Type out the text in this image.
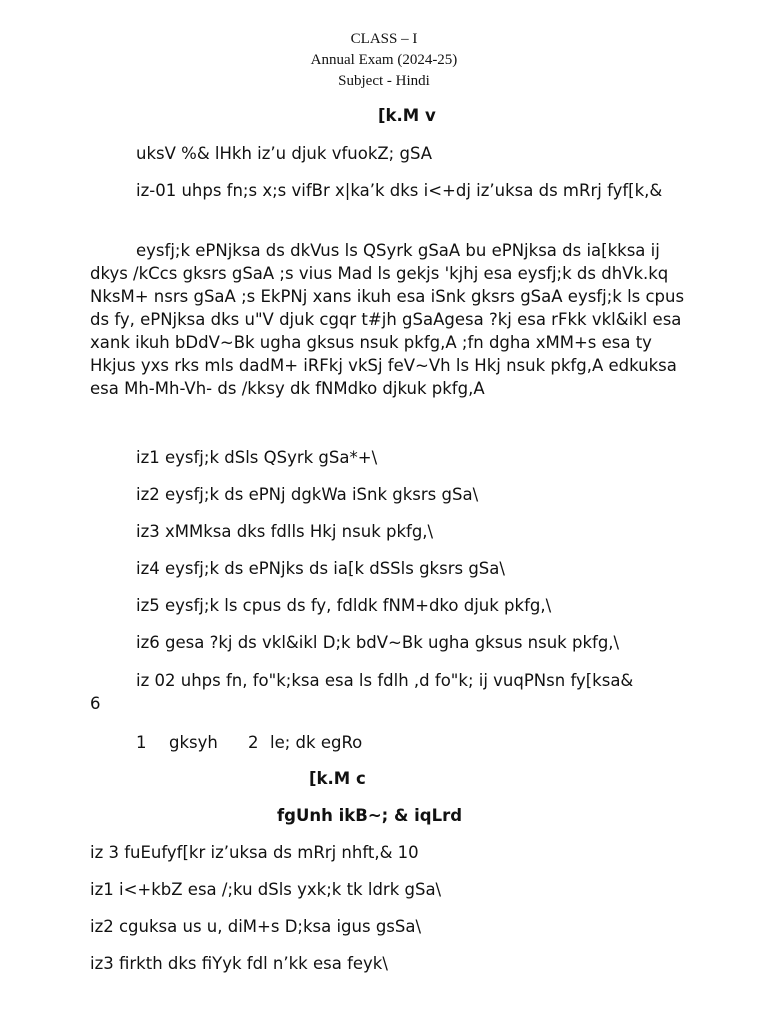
CLASS – I
Annual Exam (2024-25)
Subject - Hindi
[k.M v
uksV %& lHkh iz’u djuk vfuokZ; gSA
iz-01 uhps fn;s x;s vifBr x|ka’k dks i<+dj iz’uksa ds mRrj fyf[k,&
eysfj;k ePNjksa ds dkVus ls QSyrk gSaA bu ePNjksa ds ia[kksa ij dkys /kCcs gksrs gSaA ;s vius Mad ls gekjs 'kjhj esa eysfj;k ds dhVk.kq NksM+ nsrs gSaA ;s EkPNj xans ikuh esa iSnk gksrs gSaA eysfj;k ls cpus ds fy, ePNjksa dks u"V djuk cgqr t#jh gSaAgesa ?kj esa rFkk vkl&ikl esa xank ikuh bDdV~Bk ugha gksus nsuk pkfg,A ;fn dgha xMM+s esa ty Hkjus yxs rks mls dadM+ iRFkj vkSj feV~Vh ls Hkj nsuk pkfg,A edkuksa esa Mh-Mh-Vh- ds /kksy dk fNMdko djkuk pkfg,A
iz1 eysfj;k dSls QSyrk gSa*+\
iz2 eysfj;k ds ePNj dgkWa iSnk gksrs gSa\
iz3 xMMksa dks fdlls Hkj nsuk pkfg,\
iz4 eysfj;k ds ePNjks ds ia[k dSSls gksrs gSa\
iz5 eysfj;k ls cpus ds fy, fdldk fNM+dko djuk pkfg,\
iz6 gesa ?kj ds vkl&ikl D;k bdV~Bk ugha gksus nsuk pkfg,\
iz 02 uhps fn, fo"k;ksa esa ls fdlh ,d fo"k; ij vuqPNsn fy[ksa&
6
1 gksyh 2 le; dk egRo
[k.M c
fgUnh ikB~; & iqLrd
iz 3 fuEufyf[kr iz’uksa ds mRrj nhft,& 10
iz1 i<+kbZ esa /;ku dSls yxk;k tk ldrk gSa\
iz2 cguksa us u, diM+s D;ksa igus gsSa\
iz3 firkth dks fiYyk fdl n’kk esa feyk\
